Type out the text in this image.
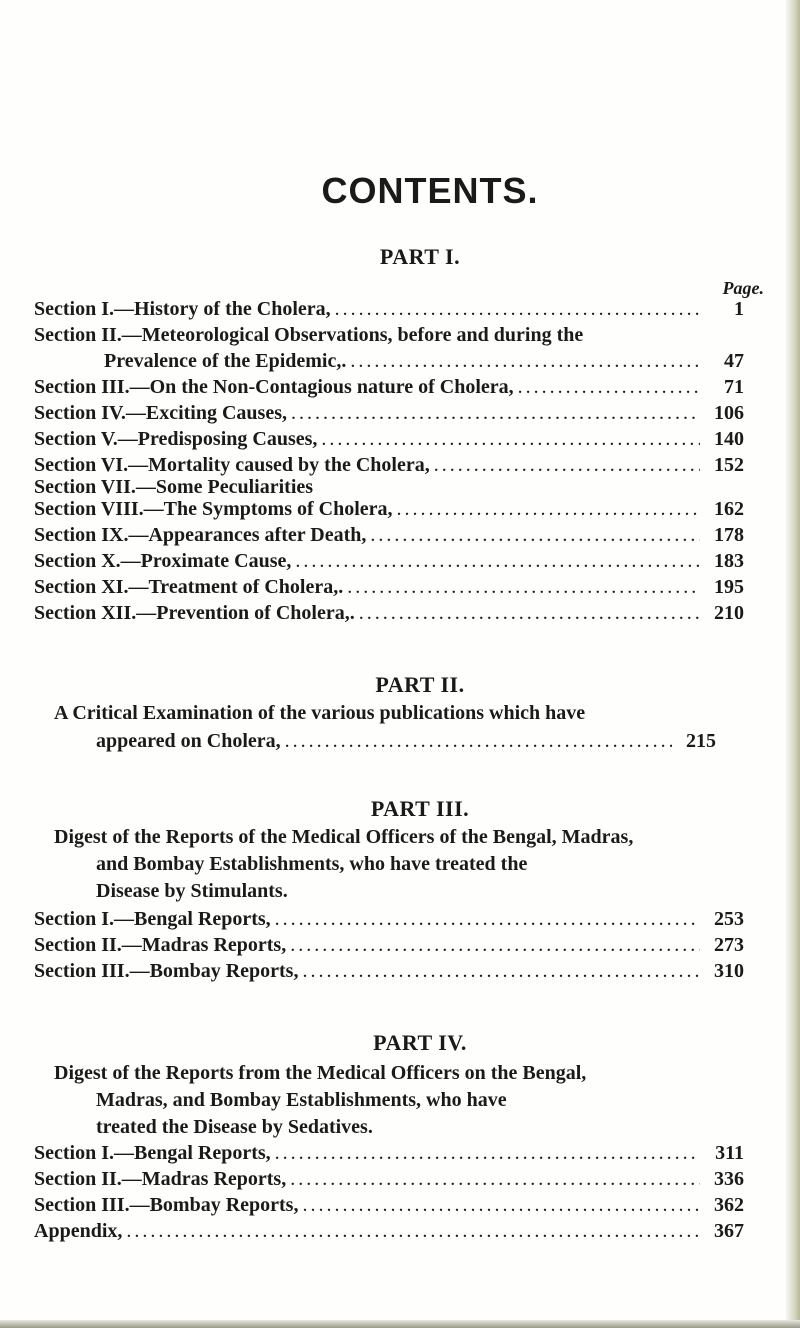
CONTENTS.
PART I.
Page.
Section I.—History of the Cholera, .....	1
Section II.—Meteorological Observations, before and during the
Prevalence of the Epidemic,. .....	47
Section III.—On the Non-Contagious nature of Cholera, .....	71
Section IV.—Exciting Causes, .....	106
Section V.—Predisposing Causes, .....	140
Section VI.—Mortality caused by the Cholera, .....	152
Section VII.—Some Peculiarities
Section VIII.—The Symptoms of Cholera, .....	162
Section IX.—Appearances after Death, .....	178
Section X.—Proximate Cause, .....	183
Section XI.—Treatment of Cholera,. .....	195
Section XII.—Prevention of Cholera,. .....	210
PART II.
A Critical Examination of the various publications which have
appeared on Cholera, .....	215
PART III.
Digest of the Reports of the Medical Officers of the Bengal, Madras,
and Bombay Establishments, who have treated the
Disease by Stimulants.
Section I.—Bengal Reports, .....	253
Section II.—Madras Reports, .....	273
Section III.—Bombay Reports, .....	310
PART IV.
Digest of the Reports from the Medical Officers on the Bengal,
Madras, and Bombay Establishments, who have
treated the Disease by Sedatives.
Section I.—Bengal Reports, .....	311
Section II.—Madras Reports, .....	336
Section III.—Bombay Reports, .....	362
Appendix, .....	367
